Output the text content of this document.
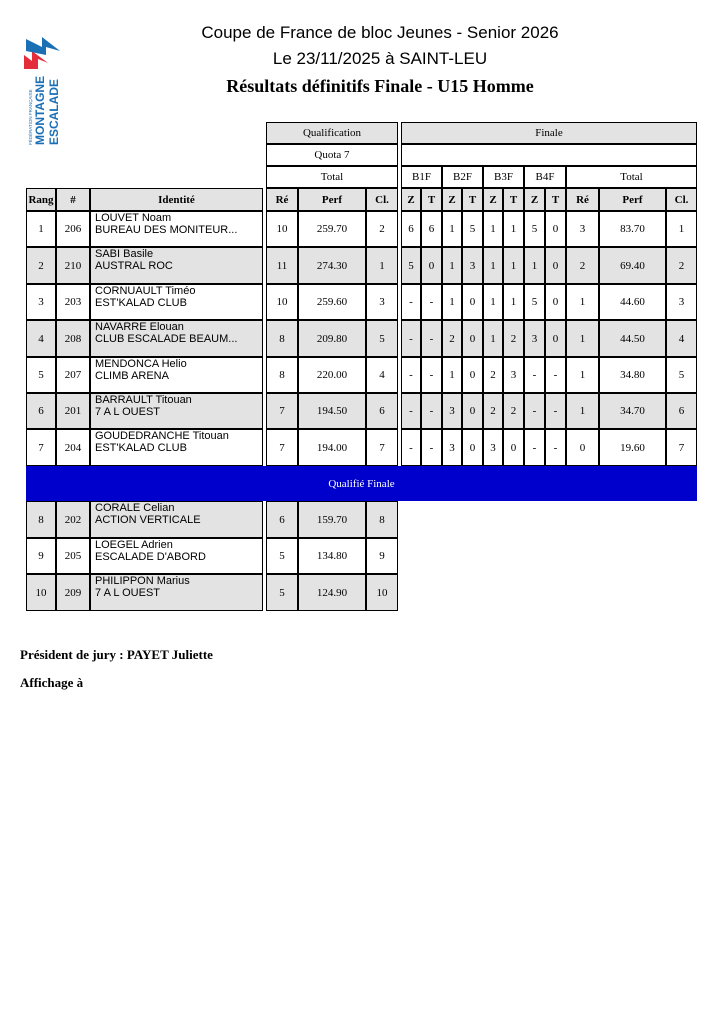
FÉDÉRATION FRANÇAISE MONTAGNE ESCALADE
Coupe de France de bloc Jeunes - Senior 2026
Le 23/11/2025 à SAINT-LEU
Résultats définitifs Finale - U15 Homme
Qualification
Quota 7
Total
Finale
B1F	B2F	B3F	B4F	Total
Rang	#	Identité	Ré	Perf	Cl.	Z	T	Z	T	Z	T	Z	T	Ré	Perf	Cl.
1	206
LOUVET Noam
BUREAU DES MONITEUR...	10	259.70	2	6	6	1	5	1	1	5	0	3	83.70	1
2	210
SABI Basile
AUSTRAL ROC	11	274.30	1	5	0	1	3	1	1	1	0	2	69.40	2
3	203
CORNUAULT Timéo
EST'KALAD CLUB	10	259.60	3	-	-	1	0	1	1	5	0	1	44.60	3
4	208
NAVARRE Elouan
CLUB ESCALADE BEAUM...	8	209.80	5	-	-	2	0	1	2	3	0	1	44.50	4
5	207
MENDONCA Helio
CLIMB ARENA	8	220.00	4	-	-	1	0	2	3	-	-	1	34.80	5
6	201
BARRAULT Titouan
7 A L OUEST	7	194.50	6	-	-	3	0	2	2	-	-	1	34.70	6
7	204
GOUDEDRANCHE Titouan
EST'KALAD CLUB	7	194.00	7	-	-	3	0	3	0	-	-	0	19.60	7
8	202
CORALE Celian
ACTION VERTICALE	6	159.70	8
9	205
LOEGEL Adrien
ESCALADE D'ABORD	5	134.80	9
10	209
PHILIPPON Marius
7 A L OUEST	5	124.90	10
Qualifié Finale
Président de jury : PAYET Juliette
Affichage à
